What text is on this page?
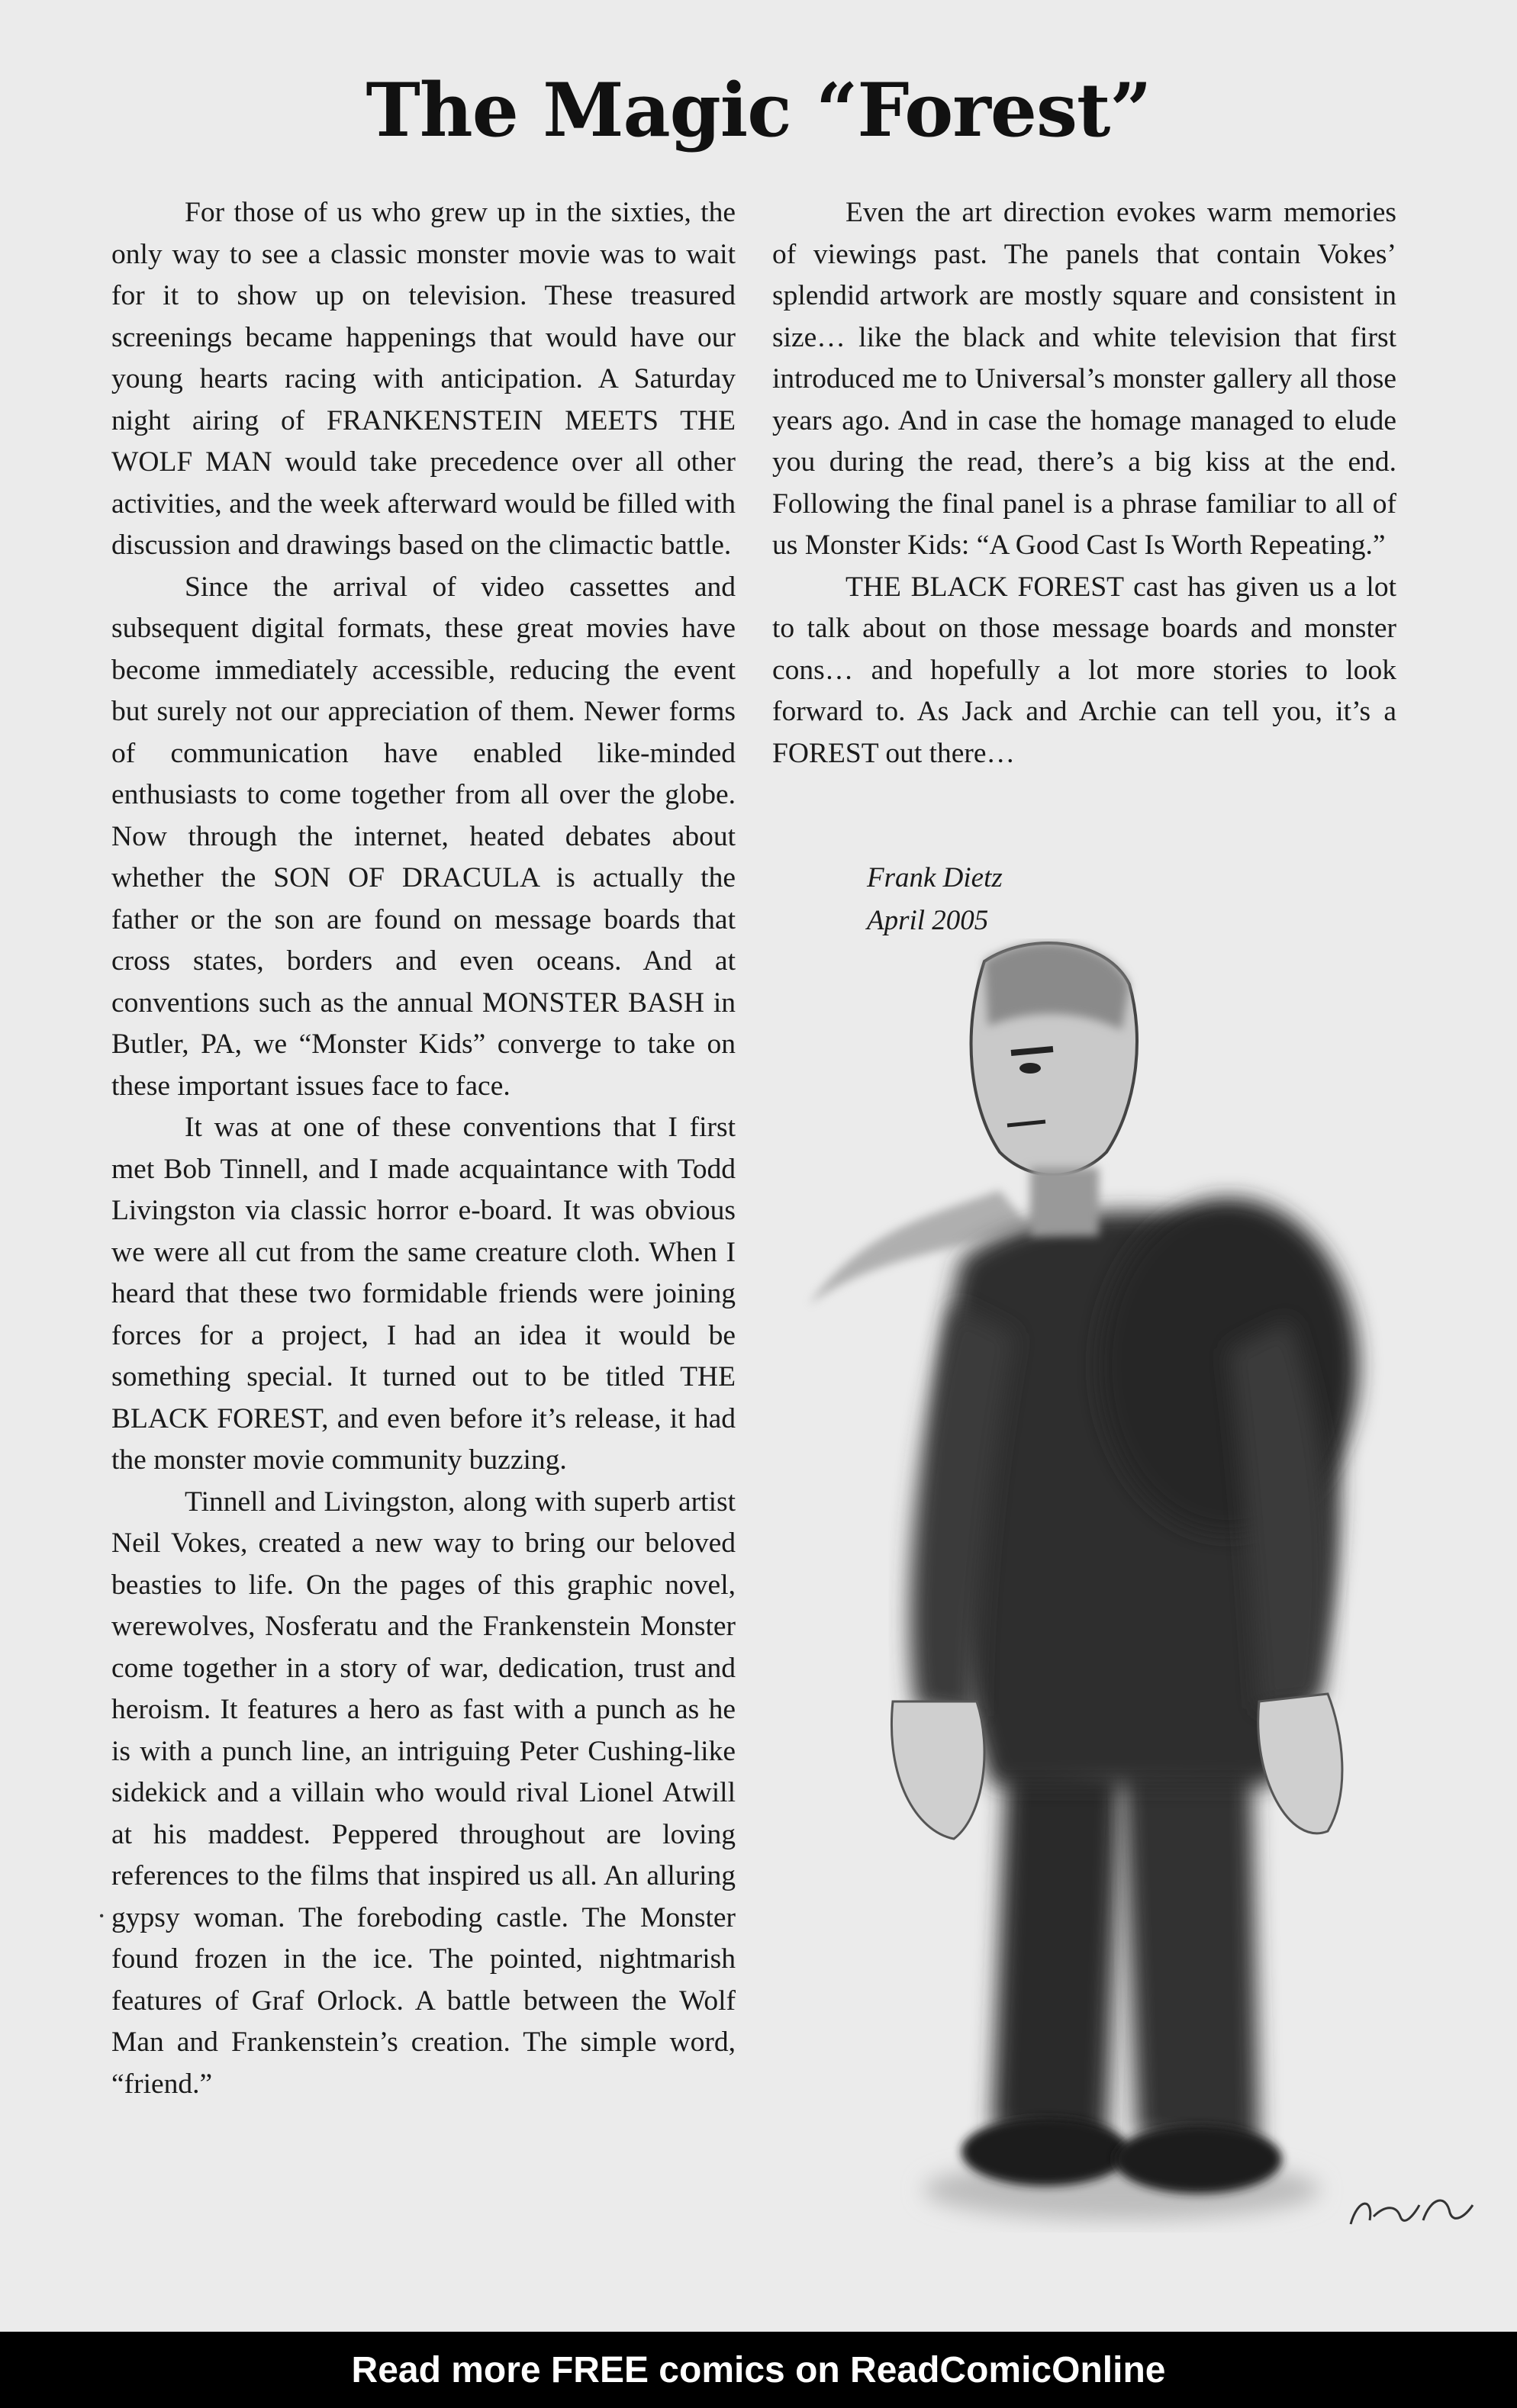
The Magic “Forest”

For those of us who grew up in the sixties, the only way to see a classic monster movie was to wait for it to show up on television. These treasured screenings became happenings that would have our young hearts racing with anticipation. A Saturday night airing of FRANKENSTEIN MEETS THE WOLF MAN would take precedence over all other activities, and the week afterward would be filled with discussion and drawings based on the climactic battle.

Since the arrival of video cassettes and subsequent digital formats, these great movies have become immediately accessible, reducing the event but surely not our appreciation of them. Newer forms of communication have enabled like-minded enthusiasts to come together from all over the globe. Now through the internet, heated debates about whether the SON OF DRACULA is actually the father or the son are found on message boards that cross states, borders and even oceans. And at conventions such as the annual MONSTER BASH in Butler, PA, we “Monster Kids” converge to take on these important issues face to face.

It was at one of these conventions that I first met Bob Tinnell, and I made acquaintance with Todd Livingston via classic horror e-board. It was obvious we were all cut from the same creature cloth. When I heard that these two formidable friends were joining forces for a project, I had an idea it would be something special. It turned out to be titled THE BLACK FOREST, and even before it’s release, it had the monster movie community buzzing.

Tinnell and Livingston, along with superb artist Neil Vokes, created a new way to bring our beloved beasties to life. On the pages of this graphic novel, werewolves, Nosferatu and the Frankenstein Monster come together in a story of war, dedication, trust and heroism. It features a hero as fast with a punch as he is with a punch line, an intriguing Peter Cushing-like sidekick and a villain who would rival Lionel Atwill at his maddest. Peppered throughout are loving references to the films that inspired us all. An alluring gypsy woman. The foreboding castle. The Monster found frozen in the ice. The pointed, nightmarish features of Graf Orlock. A battle between the Wolf Man and Frankenstein’s creation. The simple word, “friend.”

Even the art direction evokes warm memories of viewings past. The panels that contain Vokes’ splendid artwork are mostly square and consistent in size… like the black and white television that first introduced me to Universal’s monster gallery all those years ago. And in case the homage managed to elude you during the read, there’s a big kiss at the end. Following the final panel is a phrase familiar to all of us Monster Kids: “A Good Cast Is Worth Repeating.”

THE BLACK FOREST cast has given us a lot to talk about on those message boards and monster cons… and hopefully a lot more stories to look forward to. As Jack and Archie can tell you, it’s a FOREST out there…

Frank Dietz
April 2005
·
Read more FREE comics on ReadComicOnline
